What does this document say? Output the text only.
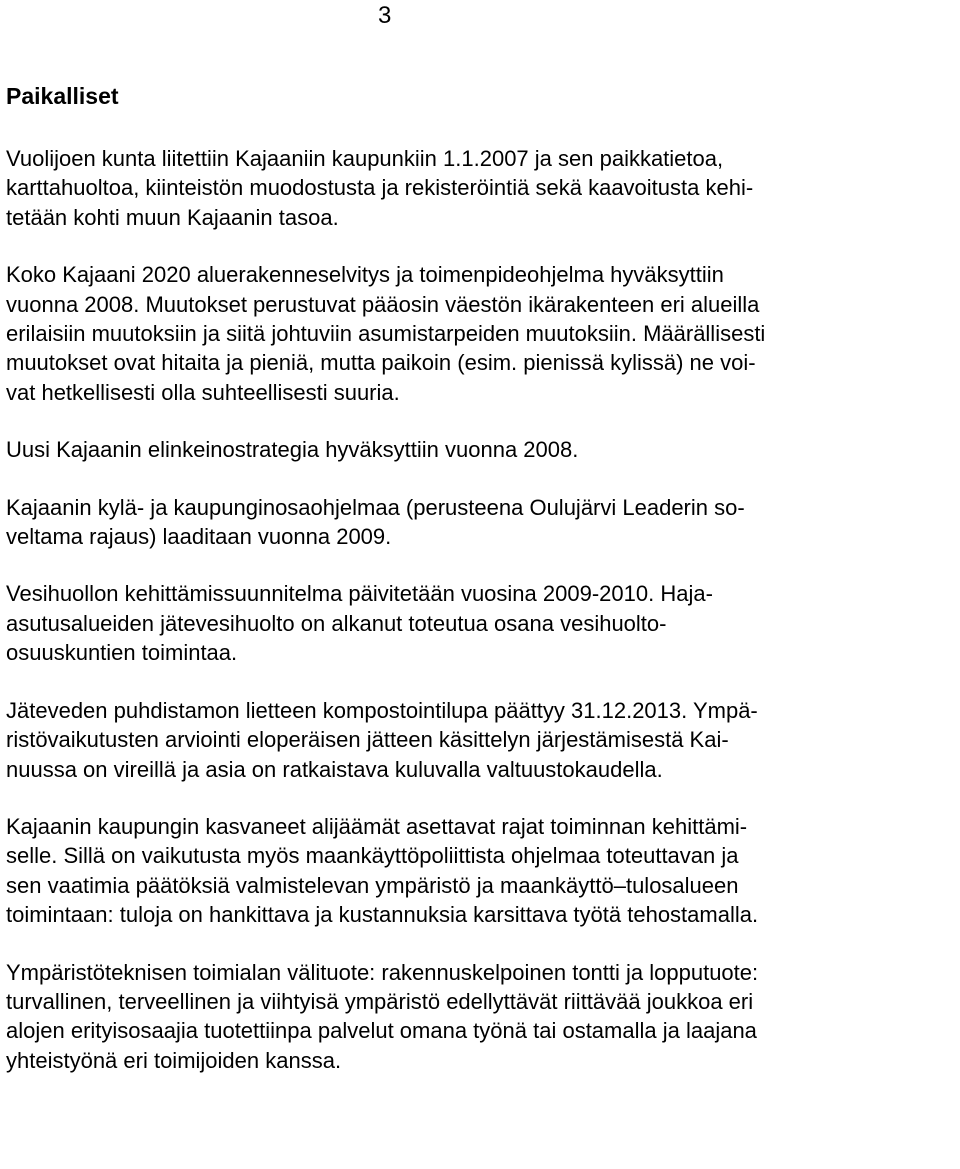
3
Paikalliset

Vuolijoen kunta liitettiin Kajaaniin kaupunkiin 1.1.2007 ja sen paikkatietoa,
karttahuoltoa, kiinteistön muodostusta ja rekisteröintiä sekä kaavoitusta kehi-
tetään kohti muun Kajaanin tasoa.

Koko Kajaani 2020 aluerakenneselvitys ja toimenpideohjelma hyväksyttiin
vuonna 2008. Muutokset perustuvat pääosin väestön ikärakenteen eri alueilla
erilaisiin muutoksiin ja siitä johtuviin asumistarpeiden muutoksiin. Määrällisesti
muutokset ovat hitaita ja pieniä, mutta paikoin (esim. pienissä kylissä) ne voi-
vat hetkellisesti olla suhteellisesti suuria.

Uusi Kajaanin elinkeinostrategia hyväksyttiin vuonna 2008.

Kajaanin kylä- ja kaupunginosaohjelmaa (perusteena Oulujärvi Leaderin so-
veltama rajaus) laaditaan vuonna 2009.

Vesihuollon kehittämissuunnitelma päivitetään vuosina 2009-2010. Haja-
asutusalueiden jätevesihuolto on alkanut toteutua osana vesihuolto-
osuuskuntien toimintaa.

Jäteveden puhdistamon lietteen kompostointilupa päättyy 31.12.2013. Ympä-
ristövaikutusten arviointi eloperäisen jätteen käsittelyn järjestämisestä Kai-
nuussa on vireillä ja asia on ratkaistava kuluvalla valtuustokaudella.

Kajaanin kaupungin kasvaneet alijäämät asettavat rajat toiminnan kehittämi-
selle. Sillä on vaikutusta myös maankäyttöpoliittista ohjelmaa toteuttavan ja
sen vaatimia päätöksiä valmistelevan ympäristö ja maankäyttö–tulosalueen
toimintaan: tuloja on hankittava ja kustannuksia karsittava työtä tehostamalla.

Ympäristöteknisen toimialan välituote: rakennuskelpoinen tontti ja lopputuote:
turvallinen, terveellinen ja viihtyisä ympäristö edellyttävät riittävää joukkoa eri
alojen erityisosaajia tuotettiinpa palvelut omana työnä tai ostamalla ja laajana
yhteistyönä eri toimijoiden kanssa.
